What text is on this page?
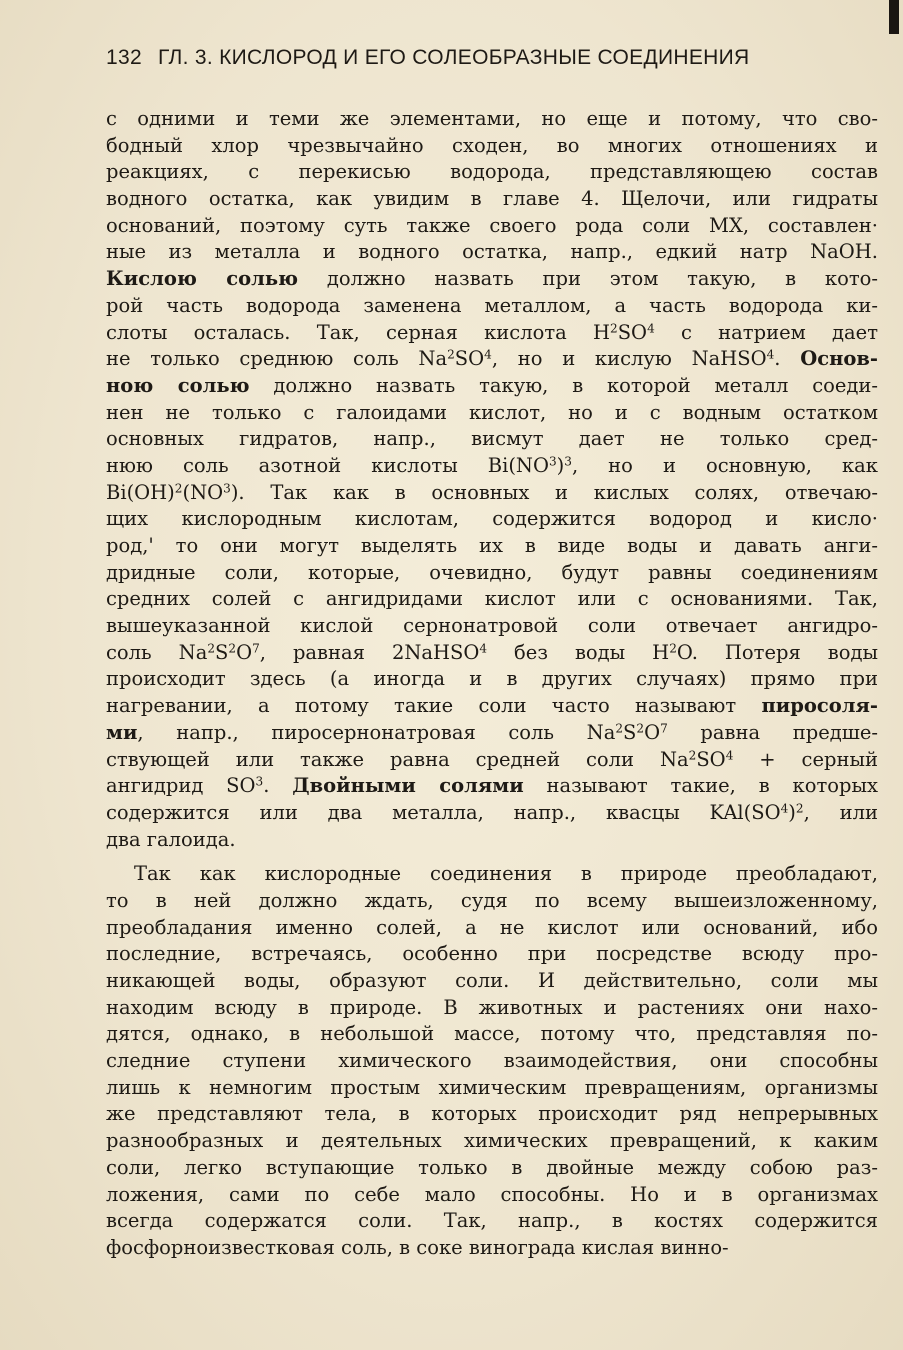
132 ГЛ. 3. КИСЛОРОД И ЕГО СОЛЕОБРАЗНЫЕ СОЕДИНЕНИЯ
с одними и теми же элементами, но еще и потому, что сво-
бодный хлор чрезвычайно сходен, во многих отношениях и
реакциях, с перекисью водорода, представляющею состав
водного остатка, как увидим в главе 4. Щелочи, или гидраты
оснований, поэтому суть также своего рода соли MX, составлен·
ные из металла и водного остатка, напр., едкий натр NaOH.
Кислою солью должно назвать при этом такую, в кото-
рой часть водорода заменена металлом, а часть водорода ки-
слоты осталась. Так, серная кислота $H^2SO^4$ с натрием дает
не только среднюю соль $Na^2SO^4$, но и кислую NaHSO$^4$. Основ-
ною солью должно назвать такую, в которой металл соеди-
нен не только с галоидами кислот, но и с водным остатком
основных гидратов, напр., висмут дает не только сред-
нюю соль азотной кислоты $Bi(NO^3)^3$, но и основную, как
$Bi(OH)^2(NO^3)$. Так как в основных и кислых солях, отвечаю-
щих кислородным кислотам, содержится водород и кисло·
род,' то они могут выделять их в виде воды и давать анги-
дридные соли, которые, очевидно, будут равны соединениям
средних солей с ангидридами кислот или с основаниями. Так,
вышеуказанной кислой сернонатровой соли отвечает ангидро-
соль $Na^2S^2O^7$, равная 2NaHSO$^4$ без воды $H^2O$. Потеря воды
происходит здесь (а иногда и в других случаях) прямо при
нагревании, а потому такие соли часто называют пиросоля-
ми, напр., пиросернонатровая соль $Na^2S^2O^7$ равна предше-
ствующей или также равна средней соли $Na^2SO^4$ + серный
ангидрид $SO^3$. Двойными солями называют такие, в которых
содержится или два металла, напр., квасцы $KAl(SO^4)^2$, или
два галоида.
Так как кислородные соединения в природе преобладают,
то в ней должно ждать, судя по всему вышеизложенному,
преобладания именно солей, а не кислот или оснований, ибо
последние, встречаясь, особенно при посредстве всюду про-
никающей воды, образуют соли. И действительно, соли мы
находим всюду в природе. В животных и растениях они нахо-
дятся, однако, в небольшой массе, потому что, представляя по-
следние ступени химического взаимодействия, они способны
лишь к немногим простым химическим превращениям, организмы
же представляют тела, в которых происходит ряд непрерывных
разнообразных и деятельных химических превращений, к каким
соли, легко вступающие только в двойные между собою раз-
ложения, сами по себе мало способны. Но и в организмах
всегда содержатся соли. Так, напр., в костях содержится
фосфорноизвестковая соль, в соке винограда кислая винно-
